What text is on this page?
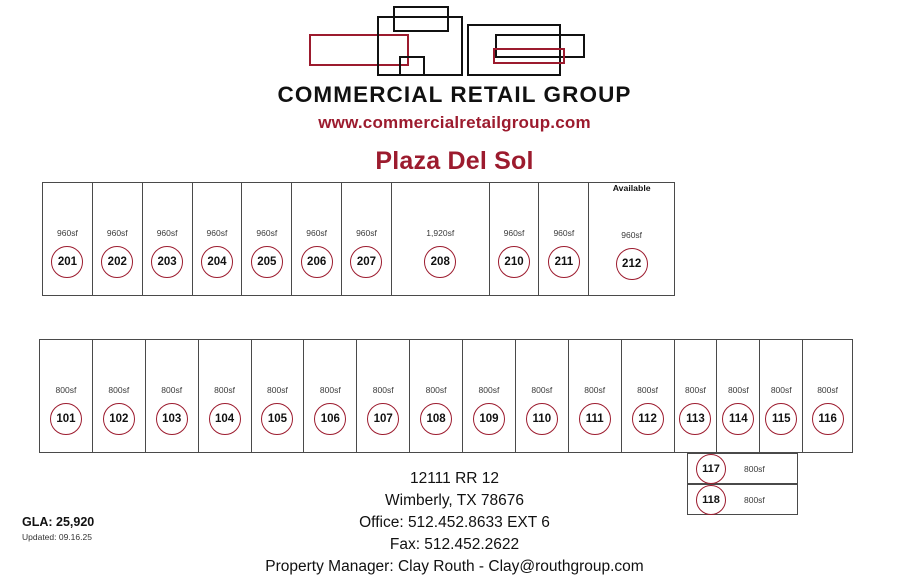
COMMERCIAL RETAIL GROUP
www.commercialretailgroup.com
Plaza Del Sol
960sf
201
960sf
202
960sf
203
960sf
204
960sf
205
960sf
206
960sf
207
1,920sf
208
960sf
210
960sf
211
Available
960sf
212
800sf
101
800sf
102
800sf
103
800sf
104
800sf
105
800sf
106
800sf
107
800sf
108
800sf
109
800sf
110
800sf
111
800sf
112
800sf
113
800sf
114
800sf
115
800sf
116
117	800sf
118	800sf
GLA: 25,920
Updated: 09.16.25
12111 RR 12
Wimberly, TX 78676
Office: 512.452.8633 EXT 6
Fax: 512.452.2622
Property Manager: Clay Routh - Clay@routhgroup.com
